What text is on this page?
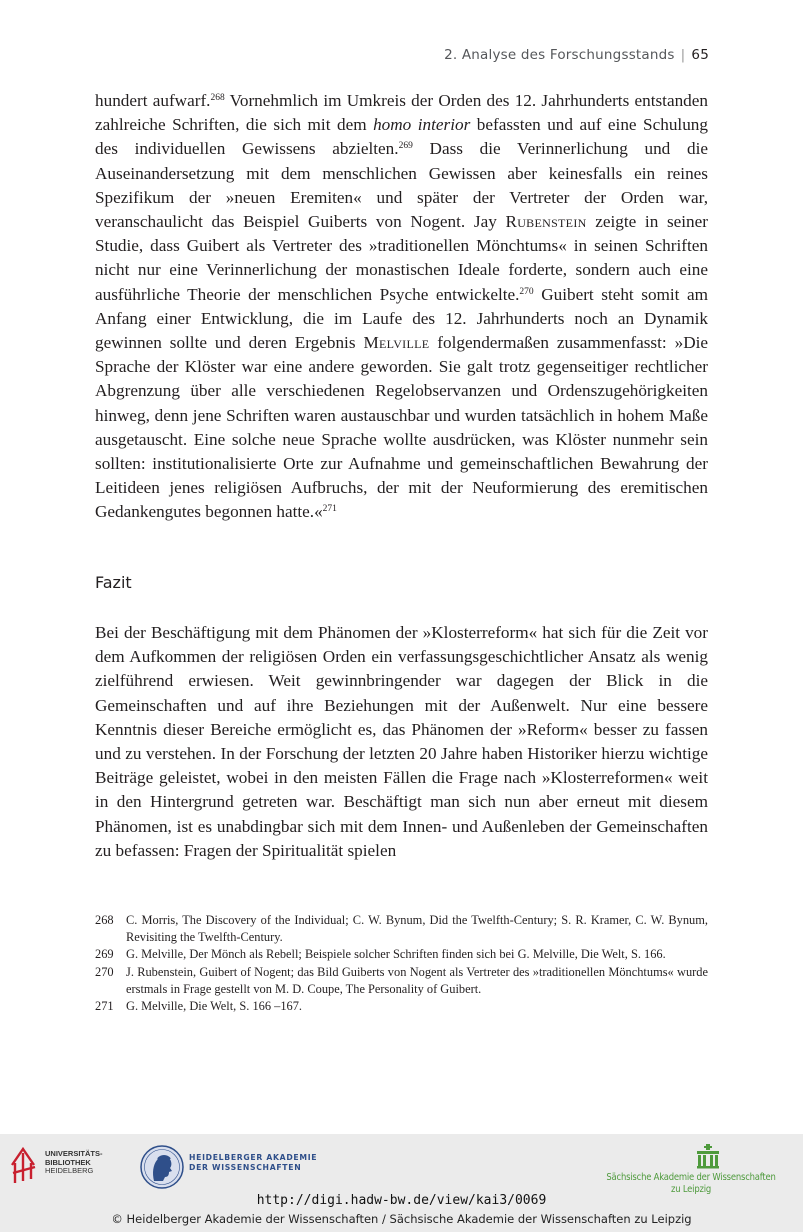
2. Analyse des Forschungsstands | 65

hundert aufwarf.$^{268}$ Vornehmlich im Umkreis der Orden des 12. Jahrhunderts entstanden zahlreiche Schriften, die sich mit dem homo interior befassten und auf eine Schulung des individuellen Gewissens abzielten.$^{269}$ Dass die Verinnerlichung und die Auseinandersetzung mit dem menschlichen Gewissen aber keinesfalls ein reines Spezifikum der »neuen Eremiten« und später der Vertreter der Orden war, veranschaulicht das Beispiel Guiberts von Nogent. Jay Rubenstein zeigte in seiner Studie, dass Guibert als Vertreter des »traditionellen Mönchtums« in seinen Schriften nicht nur eine Verinnerlichung der monastischen Ideale forderte, sondern auch eine ausführliche Theorie der menschlichen Psyche entwickelte.$^{270}$ Guibert steht somit am Anfang einer Entwicklung, die im Laufe des 12. Jahrhunderts noch an Dynamik gewinnen sollte und deren Ergebnis Melville folgendermaßen zusammenfasst: »Die Sprache der Klöster war eine andere geworden. Sie galt trotz gegenseitiger rechtlicher Abgrenzung über alle verschiedenen Regelobservanzen und Ordenszugehörigkeiten hinweg, denn jene Schriften waren austauschbar und wurden tatsächlich in hohem Maße ausgetauscht. Eine solche neue Sprache wollte ausdrücken, was Klöster nunmehr sein sollten: institutionalisierte Orte zur Aufnahme und gemeinschaftlichen Bewahrung der Leitideen jenes religiösen Aufbruchs, der mit der Neuformierung des eremitischen Gedankengutes begonnen hatte.«$^{271}$

Fazit

Bei der Beschäftigung mit dem Phänomen der »Klosterreform« hat sich für die Zeit vor dem Aufkommen der religiösen Orden ein verfassungsgeschichtlicher Ansatz als wenig zielführend erwiesen. Weit gewinnbringender war dagegen der Blick in die Gemeinschaften und auf ihre Beziehungen mit der Außenwelt. Nur eine bessere Kenntnis dieser Bereiche ermöglicht es, das Phänomen der »Reform« besser zu fassen und zu verstehen. In der Forschung der letzten 20 Jahre haben Historiker hierzu wichtige Beiträge geleistet, wobei in den meisten Fällen die Frage nach »Klosterreformen« weit in den Hintergrund getreten war. Beschäftigt man sich nun aber erneut mit diesem Phänomen, ist es unabdingbar sich mit dem Innen- und Außenleben der Gemeinschaften zu befassen: Fragen der Spiritualität spielen

268 C. Morris, The Discovery of the Individual; C. W. Bynum, Did the Twelfth-Century; S. R. Kramer, C. W. Bynum, Revisiting the Twelfth-Century.
269 G. Melville, Der Mönch als Rebell; Beispiele solcher Schriften finden sich bei G. Melville, Die Welt, S. 166.
270 J. Rubenstein, Guibert of Nogent; das Bild Guiberts von Nogent als Vertreter des »traditionellen Mönchtums« wurde erstmals in Frage gestellt von M. D. Coupe, The Personality of Guibert.
271 G. Melville, Die Welt, S. 166 –167.
UNIVERSITÄTS-
BIBLIOTHEK
HEIDELBERG
HEIDELBERGER AKADEMIE
DER WISSENSCHAFTEN
Sächsische Akademie der Wissenschaften
zu Leipzig
http://digi.hadw-bw.de/view/kai3/0069
© Heidelberger Akademie der Wissenschaften / Sächsische Akademie der Wissenschaften zu Leipzig
